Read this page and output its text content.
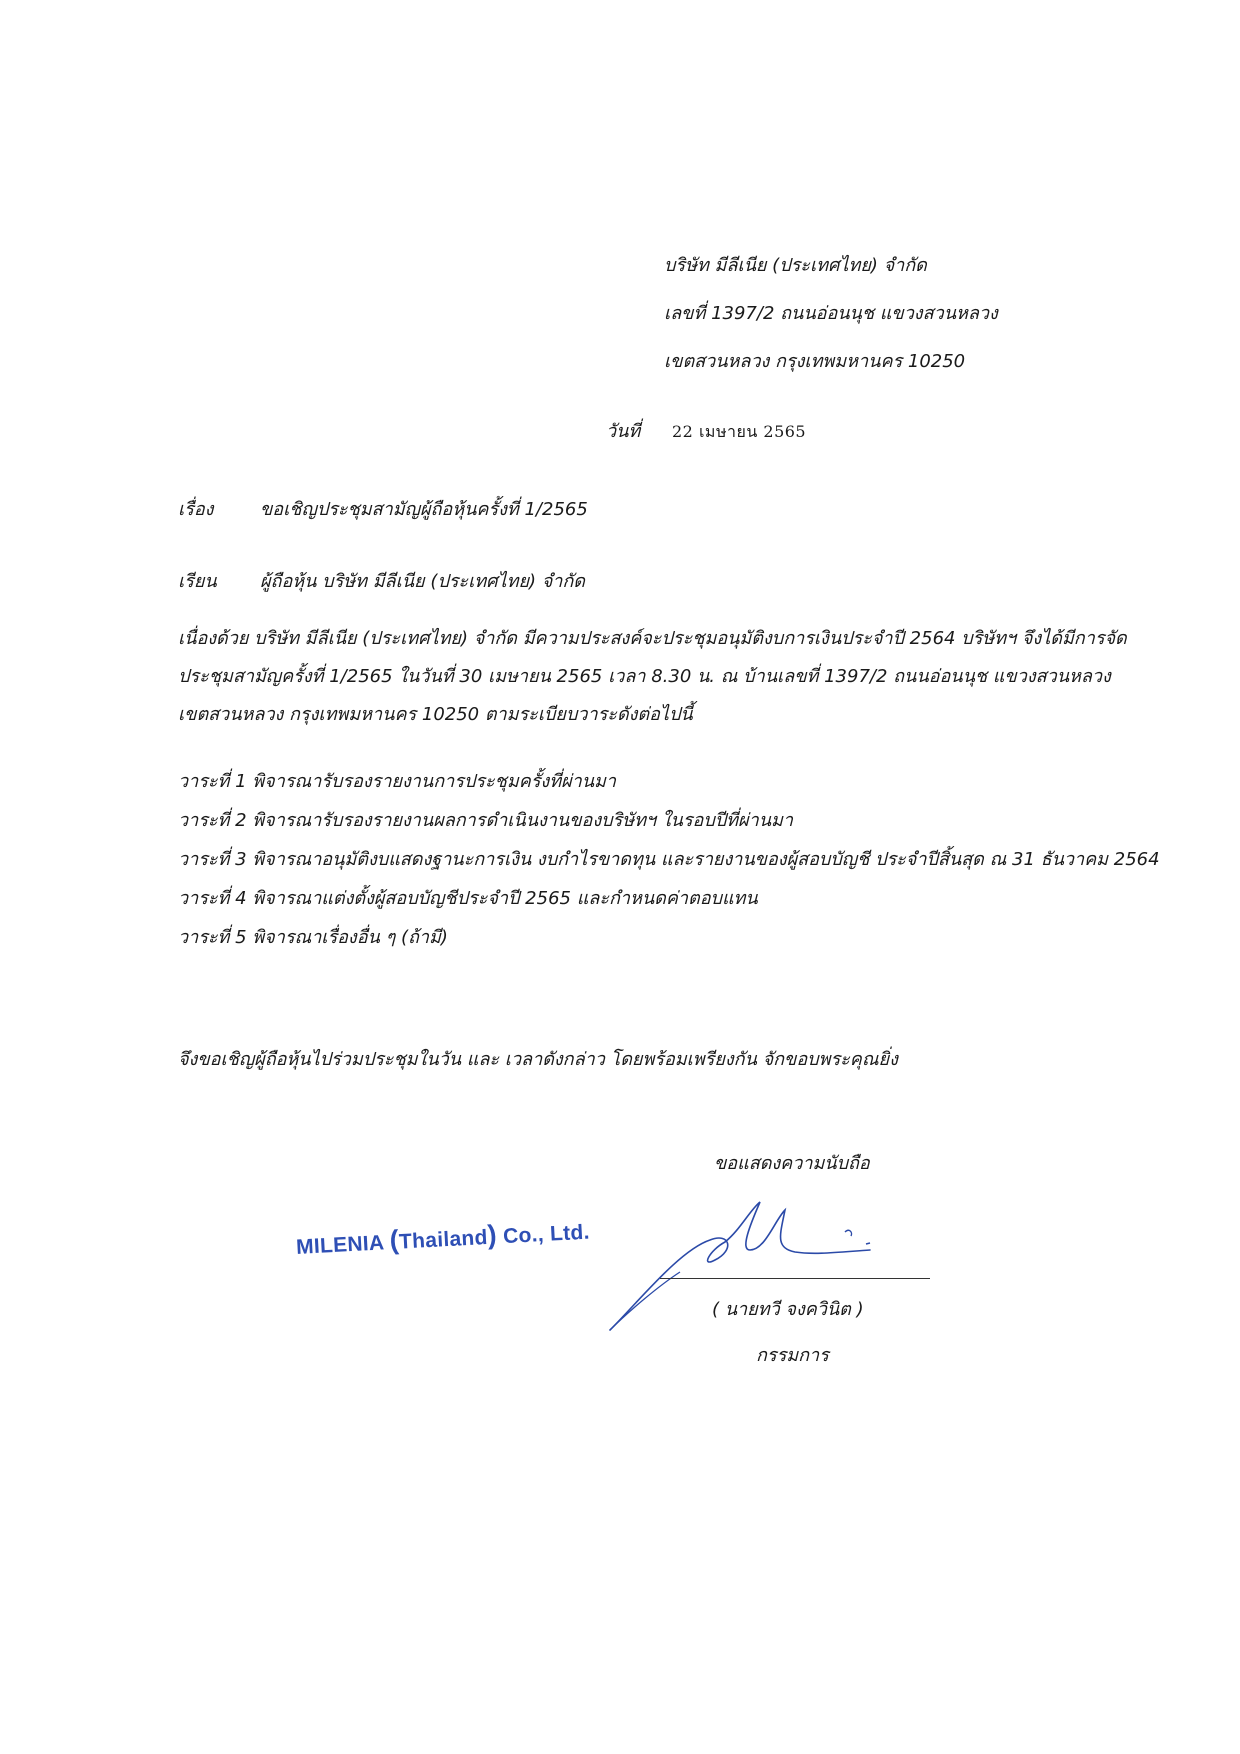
บริษัท มีลีเนีย (ประเทศไทย) จำกัด
เลขที่ 1397/2 ถนนอ่อนนุช แขวงสวนหลวง
เขตสวนหลวง กรุงเทพมหานคร 10250
วันที่ 22 เมษายน 2565
เรื่อง	ขอเชิญประชุมสามัญผู้ถือหุ้นครั้งที่ 1/2565
เรียน ผู้ถือหุ้น บริษัท มีลีเนีย (ประเทศไทย) จำกัด
เนื่องด้วย บริษัท มีลีเนีย (ประเทศไทย) จำกัด มีความประสงค์จะประชุมอนุมัติงบการเงินประจำปี 2564 บริษัทฯ จึงได้มีการจัด
ประชุมสามัญครั้งที่ 1/2565 ในวันที่ 30 เมษายน 2565 เวลา 8.30 น. ณ บ้านเลขที่ 1397/2 ถนนอ่อนนุช แขวงสวนหลวง
เขตสวนหลวง กรุงเทพมหานคร 10250 ตามระเบียบวาระดังต่อไปนี้
วาระที่ 1 พิจารณารับรองรายงานการประชุมครั้งที่ผ่านมา
วาระที่ 2 พิจารณารับรองรายงานผลการดำเนินงานของบริษัทฯ ในรอบปีที่ผ่านมา
วาระที่ 3 พิจารณาอนุมัติงบแสดงฐานะการเงิน งบกำไรขาดทุน และรายงานของผู้สอบบัญชี ประจำปีสิ้นสุด ณ 31 ธันวาคม 2564
วาระที่ 4 พิจารณาแต่งตั้งผู้สอบบัญชีประจำปี 2565 และกำหนดค่าตอบแทน
วาระที่ 5 พิจารณาเรื่องอื่น ๆ (ถ้ามี)
จึงขอเชิญผู้ถือหุ้นไปร่วมประชุมในวัน และ เวลาดังกล่าว โดยพร้อมเพรียงกัน จักขอบพระคุณยิ่ง
ขอแสดงความนับถือ
MILENIA (Thailand) Co., Ltd.
( นายทวี จงควินิต )
กรรมการ
